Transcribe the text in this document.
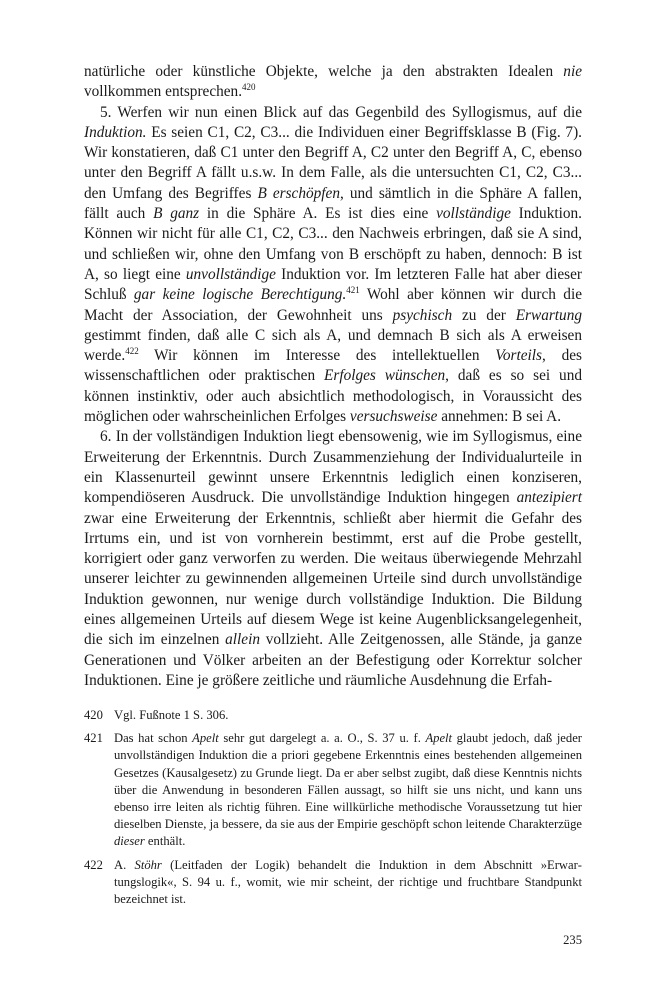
natürliche oder künstliche Objekte, welche ja den abstrakten Idealen nie vollkommen entsprechen.$^{420}$

5. Werfen wir nun einen Blick auf das Gegenbild des Syllogismus, auf die Induktion. Es seien C1, C2, C3... die Individuen einer Begriffsklasse B (Fig. 7). Wir konstatieren, daß C1 unter den Begriff A, C2 unter den Begriff A, C, ebenso unter den Begriff A fällt u.s.w. In dem Falle, als die untersuchten C1, C2, C3... den Umfang des Begriffes B erschöpfen, und sämtlich in die Sphäre A fallen, fällt auch B ganz in die Sphäre A. Es ist dies eine vollständige Induktion. Können wir nicht für alle C1, C2, C3... den Nachweis erbringen, daß sie A sind, und schließen wir, ohne den Umfang von B erschöpft zu haben, dennoch: B ist A, so liegt eine unvollständige Induktion vor. Im letzteren Falle hat aber dieser Schluß gar keine logische Berechtigung.$^{421}$ Wohl aber können wir durch die Macht der Association, der Gewohnheit uns psychisch zu der Erwartung gestimmt finden, daß alle C sich als A, und demnach B sich als A erweisen werde.$^{422}$ Wir können im Interesse des intellektuellen Vorteils, des wissenschaftlichen oder praktischen Erfolges wünschen, daß es so sei und können instinktiv, oder auch absichtlich methodologisch, in Voraussicht des möglichen oder wahrscheinlichen Erfolges versuchsweise annehmen: B sei A.

6. In der vollständigen Induktion liegt ebensowenig, wie im Syllogismus, eine Erweiterung der Erkenntnis. Durch Zusammenziehung der Individualurteile in ein Klassenurteil gewinnt unsere Erkenntnis lediglich einen konziseren, kompendiöseren Ausdruck. Die unvollständige Induktion hingegen antezipiert zwar eine Erweiterung der Erkenntnis, schließt aber hiermit die Gefahr des Irrtums ein, und ist von vornherein bestimmt, erst auf die Probe gestellt, korrigiert oder ganz verworfen zu werden. Die weitaus überwiegende Mehrzahl unserer leichter zu gewinnenden allgemeinen Urteile sind durch unvollständige Induktion gewonnen, nur wenige durch vollständige Induktion. Die Bildung eines allgemeinen Urteils auf diesem Wege ist keine Augenblicksangelegenheit, die sich im einzelnen allein vollzieht. Alle Zeitgenossen, alle Stände, ja ganze Generationen und Völker arbeiten an der Befestigung oder Korrektur solcher Induktionen. Eine je größere zeitliche und räumliche Ausdehnung die Erfah-

420 Vgl. Fußnote 1 S. 306.
421 Das hat schon Apelt sehr gut dargelegt a. a. O., S. 37 u. f. Apelt glaubt jedoch, daß jeder unvollständigen Induktion die a priori gegebene Erkenntnis eines bestehenden allgemeinen Gesetzes (Kausalgesetz) zu Grunde liegt. Da er aber selbst zugibt, daß diese Kenntnis nichts über die Anwendung in besonderen Fällen aussagt, so hilft sie uns nicht, und kann uns ebenso irre leiten als richtig führen. Eine willkürliche methodische Voraussetzung tut hier dieselben Dienste, ja bessere, da sie aus der Empirie geschöpft schon leitende Charakterzüge dieser enthält.
422 A. Stöhr (Leitfaden der Logik) behandelt die Induktion in dem Abschnitt »Erwartungslogik«, S. 94 u. f., womit, wie mir scheint, der richtige und fruchtbare Standpunkt bezeichnet ist.
235
